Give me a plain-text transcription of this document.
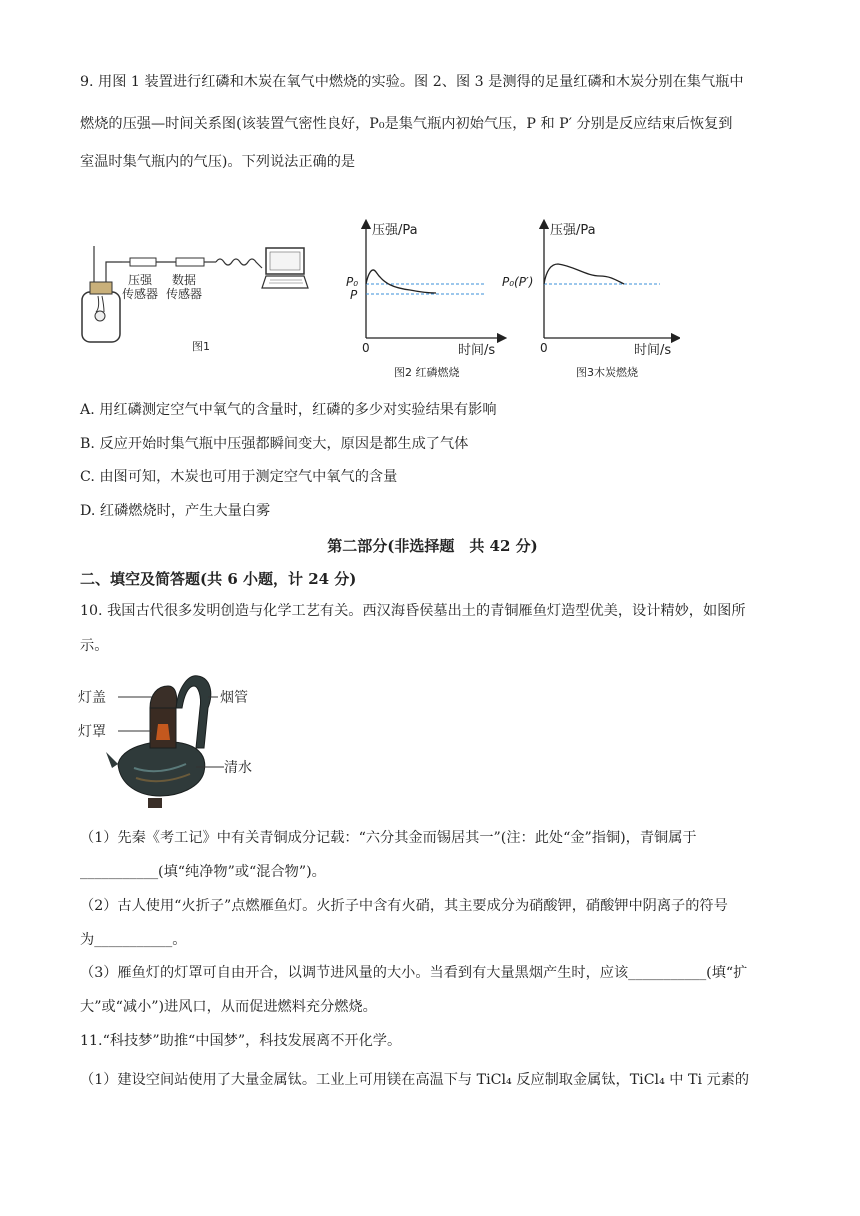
9. 用图 1 装置进行红磷和木炭在氧气中燃烧的实验。图 2、图 3 是测得的足量红磷和木炭分别在集气瓶中
燃烧的压强—时间关系图(该装置气密性良好，P₀是集气瓶内初始气压，P 和 P′ 分别是反应结束后恢复到
室温时集气瓶内的气压)。下列说法正确的是
压强
传感器
数据
传感器
图1
压强/Pa
P₀
P
0	时间/s
图2 红磷燃烧
压强/Pa
P₀(P′)
0	时间/s
图3木炭燃烧
A. 用红磷测定空气中氧气的含量时，红磷的多少对实验结果有影响
B. 反应开始时集气瓶中压强都瞬间变大，原因是都生成了气体
C. 由图可知，木炭也可用于测定空气中氧气的含量
D. 红磷燃烧时，产生大量白雾
第二部分(非选择题　共 42 分)
二、填空及简答题(共 6 小题，计 24 分)
10. 我国古代很多发明创造与化学工艺有关。西汉海昏侯墓出土的青铜雁鱼灯造型优美，设计精妙，如图所
示。
灯盖
灯罩
烟管
清水
（1）先秦《考工记》中有关青铜成分记载：“六分其金而锡居其一”(注：此处“金”指铜)，青铜属于
___________(填“纯净物”或“混合物”)。
（2）古人使用“火折子”点燃雁鱼灯。火折子中含有火硝，其主要成分为硝酸钾，硝酸钾中阴离子的符号
为___________。
（3）雁鱼灯的灯罩可自由开合，以调节进风量的大小。当看到有大量黑烟产生时，应该___________(填“扩
大”或“减小”)进风口，从而促进燃料充分燃烧。
11.“科技梦”助推“中国梦”，科技发展离不开化学。
（1）建设空间站使用了大量金属钛。工业上可用镁在高温下与 TiCl₄ 反应制取金属钛，TiCl₄ 中 Ti 元素的
